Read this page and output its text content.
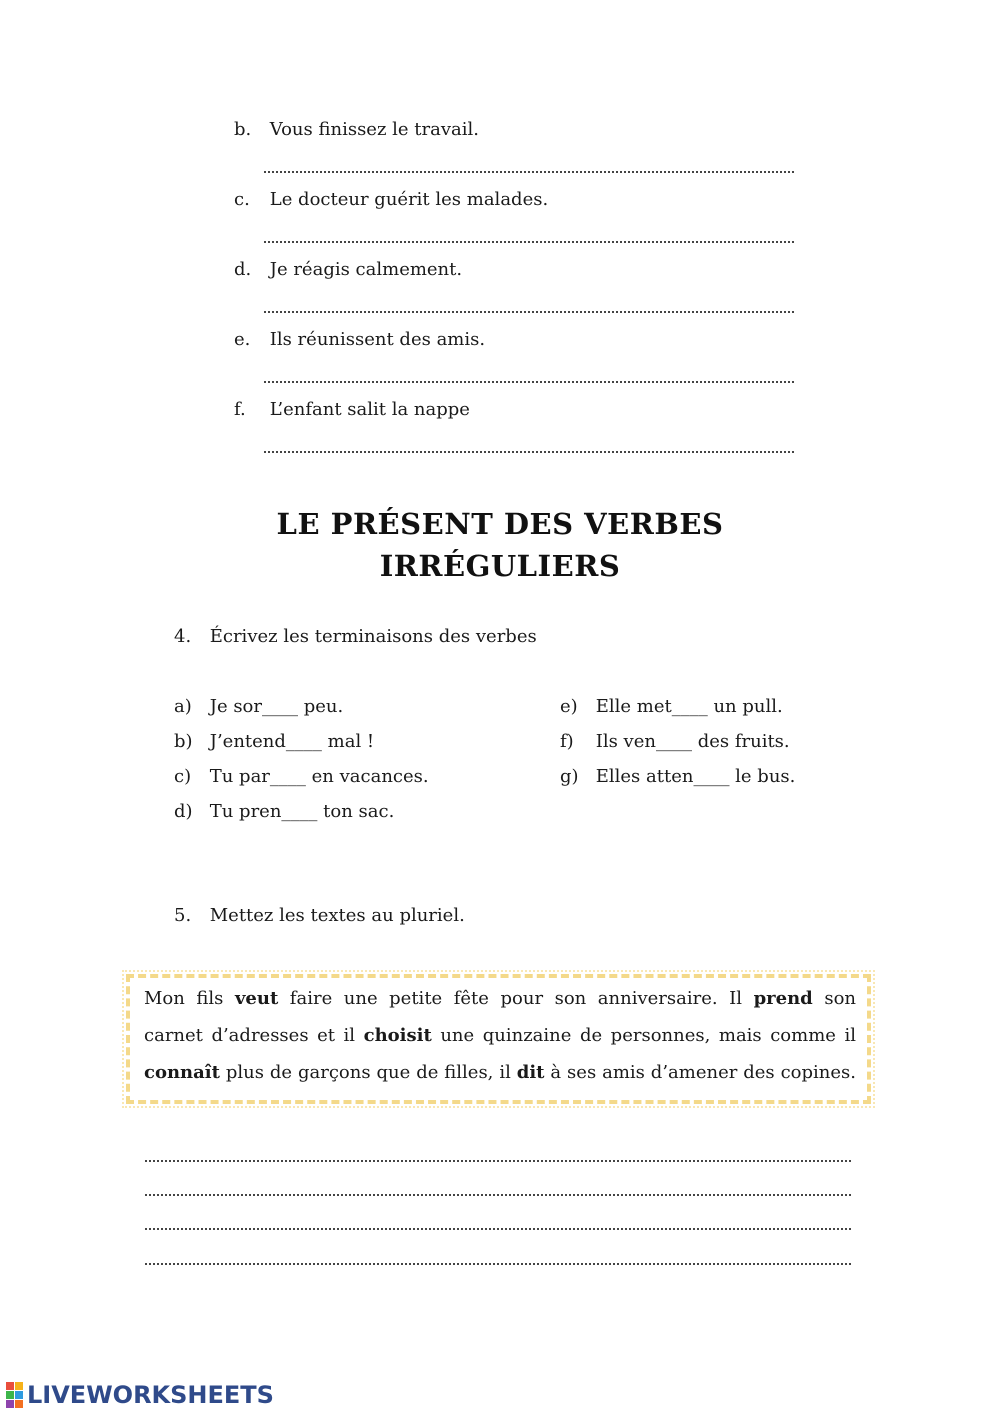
b. Vous finissez le travail.
c. Le docteur guérit les malades.
d. Je réagis calmement.
e. Ils réunissent des amis.
f. L’enfant salit la nappe
LE PRÉSENT DES VERBES
IRRÉGULIERS
4. Écrivez les terminaisons des verbes
a) Je sor____ peu.
b) J’entend____ mal !
c) Tu par____ en vacances.
d) Tu pren____ ton sac.
e) Elle met____ un pull.
f) Ils ven____ des fruits.
g) Elles atten____ le bus.
5. Mettez les textes au pluriel.
Mon fils veut faire une petite fête pour son anniversaire. Il prend son
carnet d’adresses et il choisit une quinzaine de personnes, mais comme il
connaît plus de garçons que de filles, il dit à ses amis d’amener des copines.
LIVEWORKSHEETS
